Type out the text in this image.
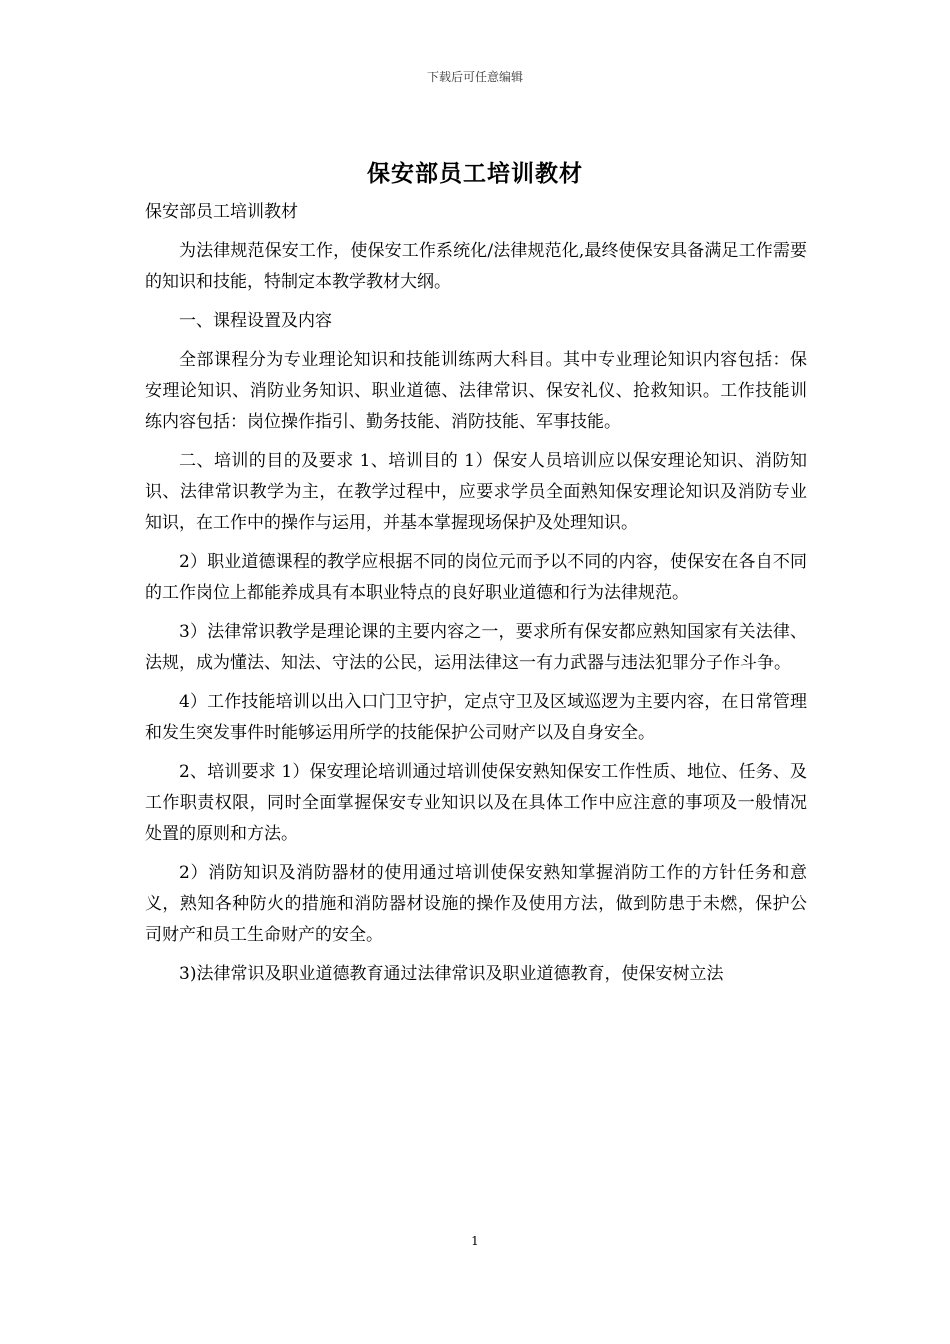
下载后可任意编辑
保安部员工培训教材

保安部员工培训教材

为法律规范保安工作，使保安工作系统化/法律规范化,最终使保安具备满足工作需要的知识和技能，特制定本教学教材大纲。

一、课程设置及内容

全部课程分为专业理论知识和技能训练两大科目。其中专业理论知识内容包括：保安理论知识、消防业务知识、职业道德、法律常识、保安礼仪、抢救知识。工作技能训练内容包括：岗位操作指引、勤务技能、消防技能、军事技能。

二、培训的目的及要求 1、培训目的 1）保安人员培训应以保安理论知识、消防知识、法律常识教学为主，在教学过程中，应要求学员全面熟知保安理论知识及消防专业知识，在工作中的操作与运用，并基本掌握现场保护及处理知识。

2）职业道德课程的教学应根据不同的岗位元而予以不同的内容，使保安在各自不同的工作岗位上都能养成具有本职业特点的良好职业道德和行为法律规范。

3）法律常识教学是理论课的主要内容之一，要求所有保安都应熟知国家有关法律、法规，成为懂法、知法、守法的公民，运用法律这一有力武器与违法犯罪分子作斗争。

4）工作技能培训以出入口门卫守护，定点守卫及区域巡逻为主要内容，在日常管理和发生突发事件时能够运用所学的技能保护公司财产以及自身安全。

2、培训要求 1）保安理论培训通过培训使保安熟知保安工作性质、地位、任务、及工作职责权限，同时全面掌握保安专业知识以及在具体工作中应注意的事项及一般情况处置的原则和方法。

2）消防知识及消防器材的使用通过培训使保安熟知掌握消防工作的方针任务和意义，熟知各种防火的措施和消防器材设施的操作及使用方法，做到防患于未燃，保护公司财产和员工生命财产的安全。

3)法律常识及职业道德教育通过法律常识及职业道德教育，使保安树立法

1
